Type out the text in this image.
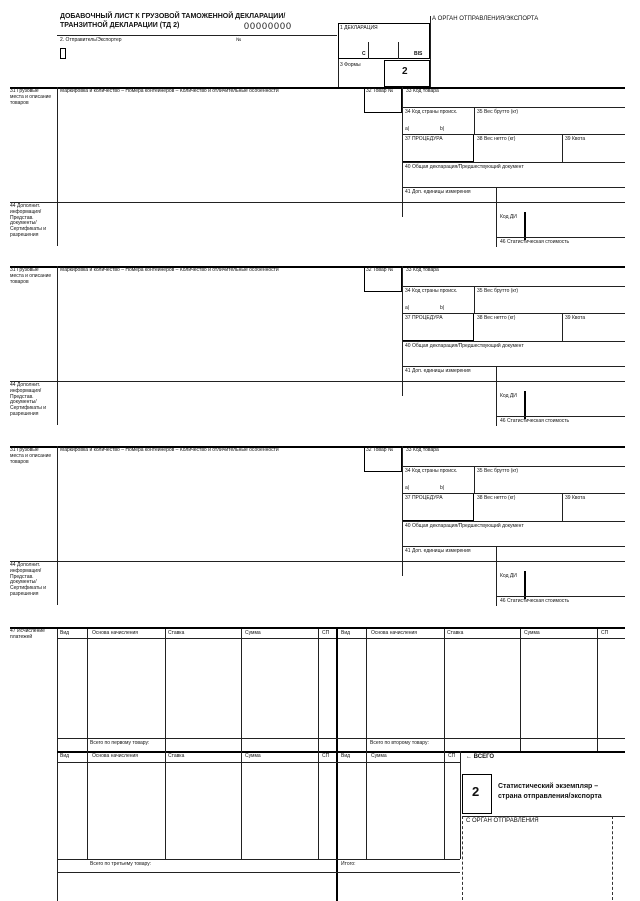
ДОБАВОЧНЫЙ ЛИСТ К ГРУЗОВОЙ ТАМОЖЕННОЙ ДЕКЛАРАЦИИ/
ТРАНЗИТНОЙ ДЕКЛАРАЦИИ (ТД 2)	00000000
2. Отправитель/Экспортер	№
1 ДЕКЛАРАЦИЯ
С	BIS
3 Формы
2
А ОРГАН ОТПРАВЛЕНИЯ/ЭКСПОРТА
31 Грузовые места и описание товаров
Маркировка и количество – Номера контейнеров – Количество и отличительные особенности	32 Товар №	33 Код товара
34 Код страны происх.	35 Вес брутто (кг)
a|	b|
37 ПРОЦЕДУРА	38 Вес нетто (кг)	39 Квота
40 Общая декларация/Предшествующий документ
41 Доп. единицы измерения
44 Дополнит. информация/ Представ. документы/ Сертификаты и разрешения
Код ДИ
46 Статистическая стоимость
31 Грузовые места и описание товаров
Маркировка и количество – Номера контейнеров – Количество и отличительные особенности	32 Товар №	33 Код товара
34 Код страны происх.	35 Вес брутто (кг)
a|	b|
37 ПРОЦЕДУРА	38 Вес нетто (кг)	39 Квота
40 Общая декларация/Предшествующий документ
41 Доп. единицы измерения
44 Дополнит. информация/ Представ. документы/ Сертификаты и разрешения
Код ДИ
46 Статистическая стоимость
31 Грузовые места и описание товаров
Маркировка и количество – Номера контейнеров – Количество и отличительные особенности	32 Товар №	33 Код товара
34 Код страны происх.	35 Вес брутто (кг)
a|	b|
37 ПРОЦЕДУРА	38 Вес нетто (кг)	39 Квота
40 Общая декларация/Предшествующий документ
41 Доп. единицы измерения
44 Дополнит. информация/ Представ. документы/ Сертификаты и разрешения
Код ДИ
46 Статистическая стоимость
47 Исчисление платежей
Вид	Основа начисления	Ставка	Сумма	СП Вид	Основа начисления	Ставка	Сумма	СП
Всего по первому товару:	Всего по второму товару:
Вид	Основа начисления	Ставка	Сумма	СП Вид	Сумма	СП ← ВСЕГО
Всего по третьему товару:	Итого:
2	Статистический экземпляр –
страна отправления/экспорта
С ОРГАН ОТПРАВЛЕНИЯ
